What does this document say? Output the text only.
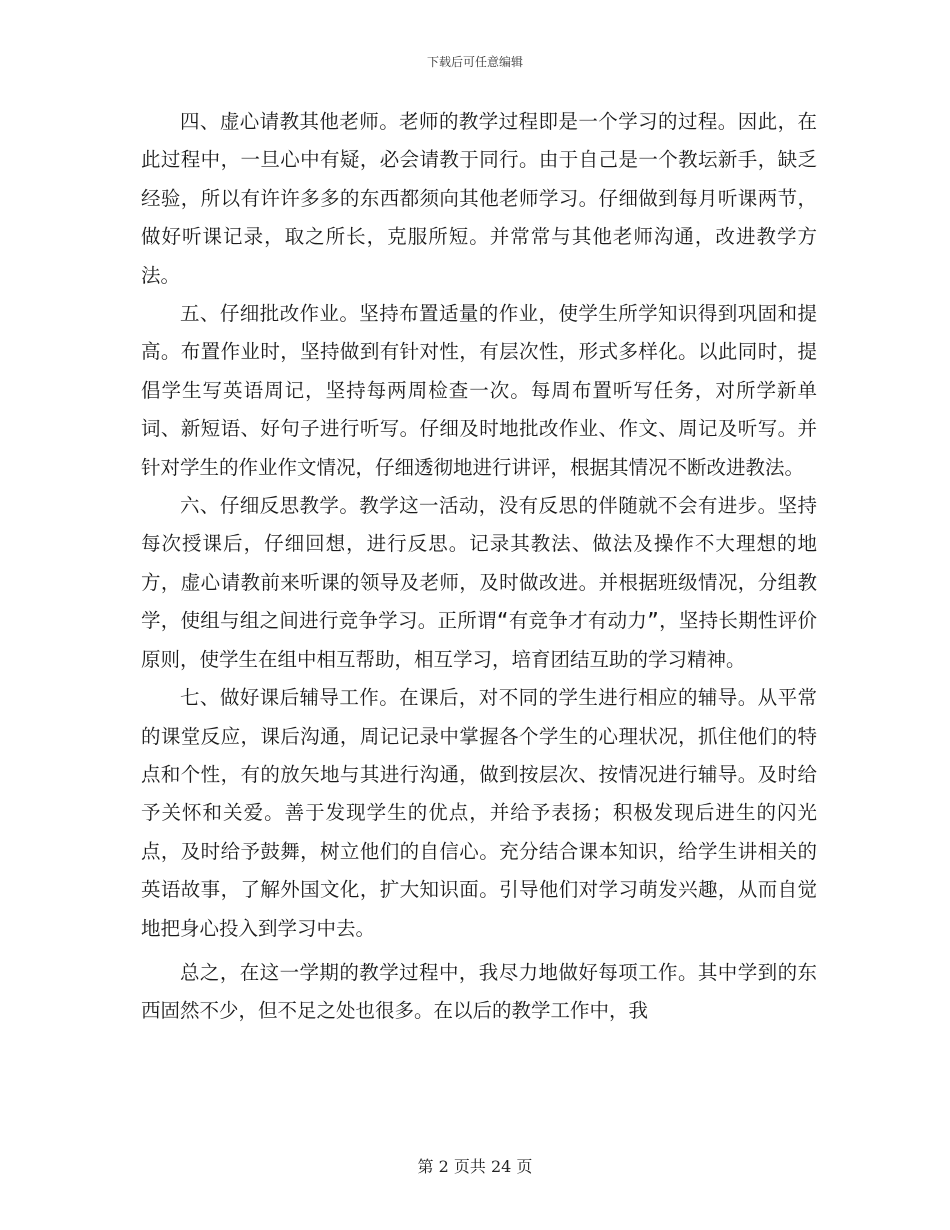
下载后可任意编辑

四、虚心请教其他老师。老师的教学过程即是一个学习的过程。因此，在此过程中，一旦心中有疑，必会请教于同行。由于自己是一个教坛新手，缺乏经验，所以有许许多多的东西都须向其他老师学习。仔细做到每月听课两节，做好听课记录，取之所长，克服所短。并常常与其他老师沟通，改进教学方法。

五、仔细批改作业。坚持布置适量的作业，使学生所学知识得到巩固和提高。布置作业时，坚持做到有针对性，有层次性，形式多样化。以此同时，提倡学生写英语周记，坚持每两周检查一次。每周布置听写任务，对所学新单词、新短语、好句子进行听写。仔细及时地批改作业、作文、周记及听写。并针对学生的作业作文情况，仔细透彻地进行讲评，根据其情况不断改进教法。

六、仔细反思教学。教学这一活动，没有反思的伴随就不会有进步。坚持每次授课后，仔细回想，进行反思。记录其教法、做法及操作不大理想的地方，虚心请教前来听课的领导及老师，及时做改进。并根据班级情况，分组教学，使组与组之间进行竞争学习。正所谓“有竞争才有动力”，坚持长期性评价原则，使学生在组中相互帮助，相互学习，培育团结互助的学习精神。

七、做好课后辅导工作。在课后，对不同的学生进行相应的辅导。从平常的课堂反应，课后沟通，周记记录中掌握各个学生的心理状况，抓住他们的特点和个性，有的放矢地与其进行沟通，做到按层次、按情况进行辅导。及时给予关怀和关爱。善于发现学生的优点，并给予表扬；积极发现后进生的闪光点，及时给予鼓舞，树立他们的自信心。充分结合课本知识，给学生讲相关的英语故事，了解外国文化，扩大知识面。引导他们对学习萌发兴趣，从而自觉地把身心投入到学习中去。

总之，在这一学期的教学过程中，我尽力地做好每项工作。其中学到的东西固然不少，但不足之处也很多。在以后的教学工作中，我

第 2 页共 24 页
